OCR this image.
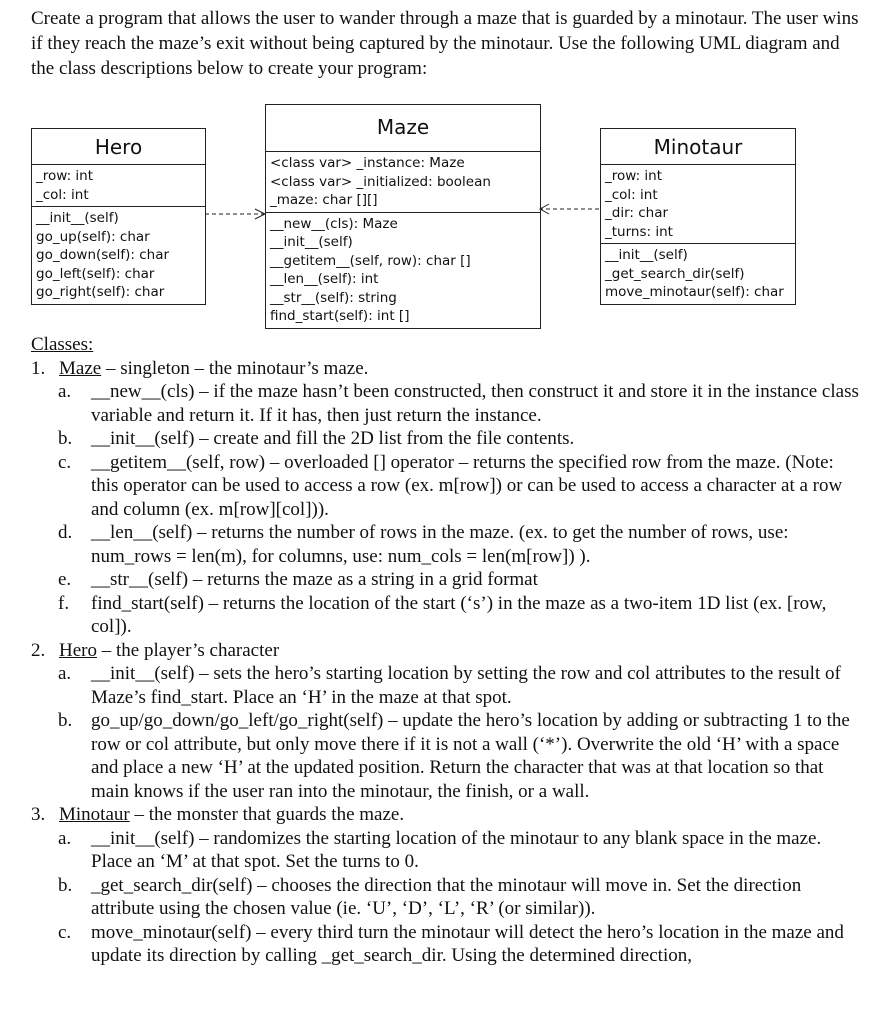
Create a program that allows the user to wander through a maze that is guarded by a minotaur. The user wins if they reach the maze’s exit without being captured by the minotaur. Use the following UML diagram and the class descriptions below to create your program:

Hero
_row: int
_col: int
__init__(self)
go_up(self): char
go_down(self): char
go_left(self): char
go_right(self): char
Maze
<class var> _instance: Maze
<class var> _initialized: boolean
_maze: char [][]
__new__(cls): Maze
__init__(self)
__getitem__(self, row): char []
__len__(self): int
__str__(self): string
find_start(self): int []
Minotaur
_row: int
_col: int
_dir: char
_turns: int
__init__(self)
_get_search_dir(self)
move_minotaur(self): char

Classes:

1. Maze – singleton – the minotaur’s maze.

a.	__new__(cls) – if the maze hasn’t been constructed, then construct it and store it in the instance class variable and return it. If it has, then just return the instance.

b. __init__(self) – create and fill the 2D list from the file contents.

c.	__getitem__(self, row) – overloaded [] operator – returns the specified row from the maze. (Note: this operator can be used to access a row (ex. m[row]) or can be used to access a character at a row and column (ex. m[row][col])).

d. __len__(self) – returns the number of rows in the maze. (ex. to get the number of rows, use: num_rows = len(m), for columns, use: num_cols = len(m[row]) ).

e.	__str__(self) – returns the maze as a string in a grid format

f.	find_start(self) – returns the location of the start (‘s’) in the maze as a two-item 1D list (ex. [row, col]).

2. Hero – the player’s character

a.	__init__(self) – sets the hero’s starting location by setting the row and col attributes to the result of Maze’s find_start. Place an ‘H’ in the maze at that spot.

b. go_up/go_down/go_left/go_right(self) – update the hero’s location by adding or subtracting 1 to the row or col attribute, but only move there if it is not a wall (‘*’). Overwrite the old ‘H’ with a space and place a new ‘H’ at the updated position. Return the character that was at that location so that main knows if the user ran into the minotaur, the finish, or a wall.

3. Minotaur – the monster that guards the maze.

a.	__init__(self) – randomizes the starting location of the minotaur to any blank space in the maze. Place an ‘M’ at that spot. Set the turns to 0.

b. _get_search_dir(self) – chooses the direction that the minotaur will move in. Set the direction attribute using the chosen value (ie. ‘U’, ‘D’, ‘L’, ‘R’ (or similar)).

c.	move_minotaur(self) – every third turn the minotaur will detect the hero’s location in the maze and update its direction by calling _get_search_dir. Using the determined direction,
